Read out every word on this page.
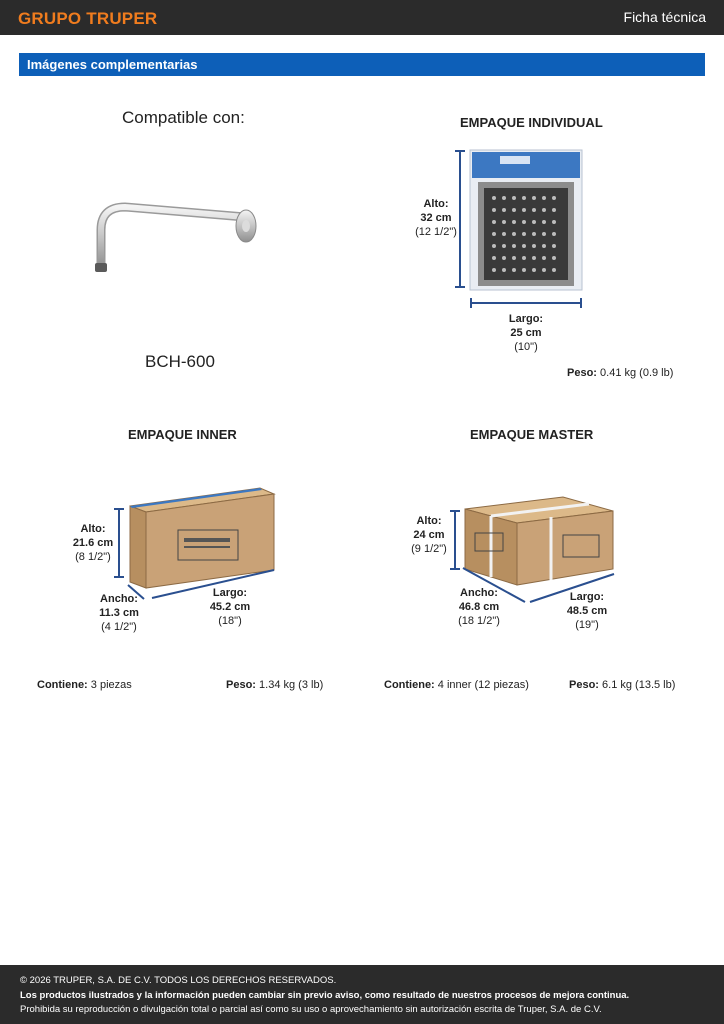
GRUPO TRUPER	Ficha técnica
Imágenes complementarias
Compatible con:
BCH-600
EMPAQUE INDIVIDUAL
Alto:
32 cm
(12 1/2")
Largo:
25 cm
(10")
Peso: 0.41 kg (0.9 lb)
EMPAQUE INNER
Alto:
21.6 cm
(8 1/2")
Ancho:
11.3 cm
(4 1/2")
Largo:
45.2 cm
(18")
Contiene: 3 piezas	Peso: 1.34 kg (3 lb)
EMPAQUE MASTER
Alto:
24 cm
(9 1/2")
Ancho:
46.8 cm
(18 1/2")
Largo:
48.5 cm
(19")
Contiene: 4 inner (12 piezas)	Peso: 6.1 kg (13.5 lb)
© 2026 TRUPER, S.A. DE C.V. TODOS LOS DERECHOS RESERVADOS.
Los productos ilustrados y la información pueden cambiar sin previo aviso, como resultado de nuestros procesos de mejora continua.
Prohibida su reproducción o divulgación total o parcial así como su uso o aprovechamiento sin autorización escrita de Truper, S.A. de C.V.
